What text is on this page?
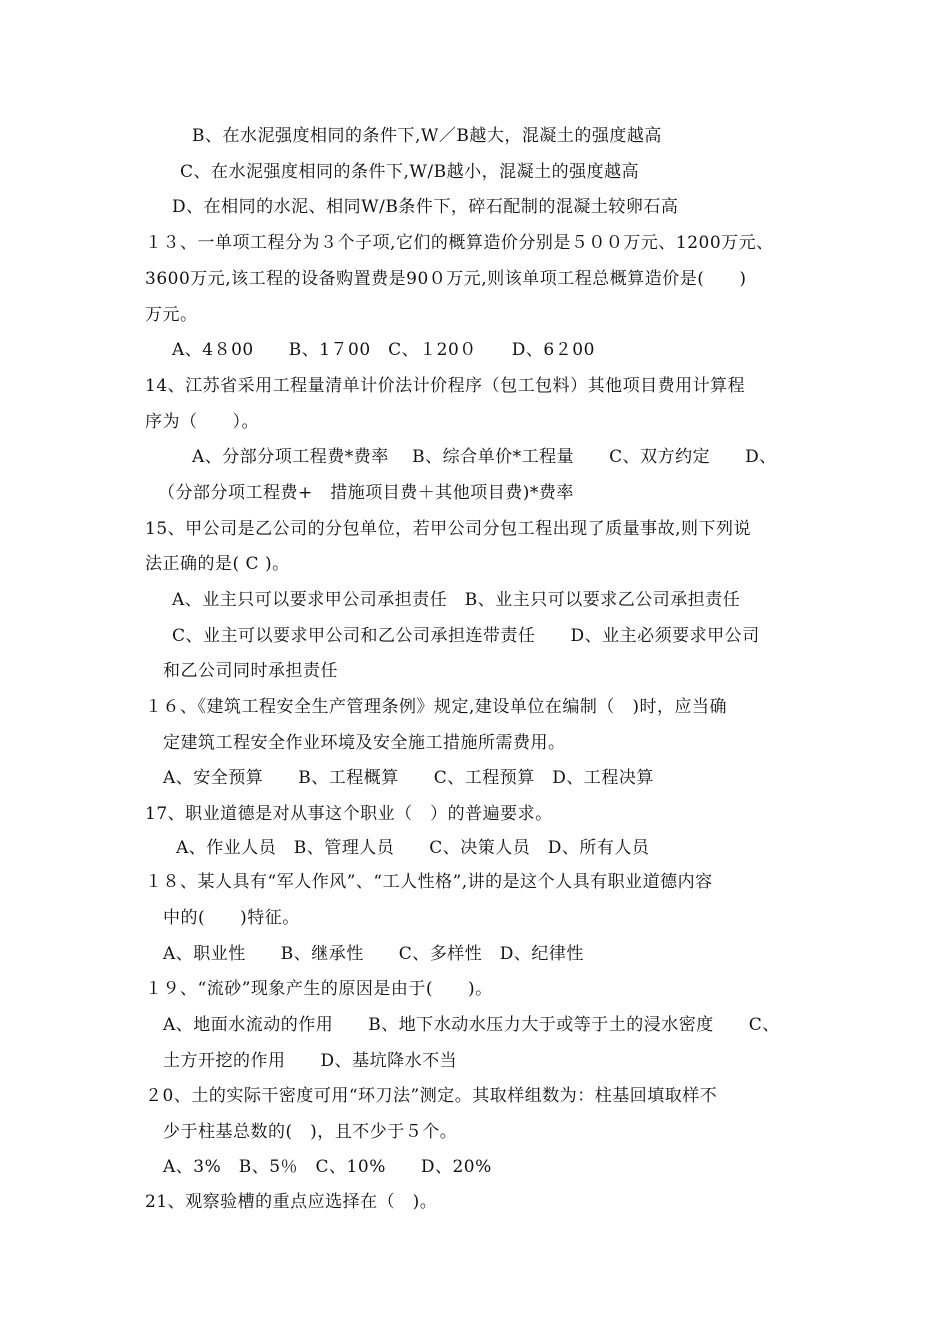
B、在水泥强度相同的条件下,W／B越大，混凝土的强度越高
C、在水泥强度相同的条件下,W/B越小，混凝土的强度越高
D、在相同的水泥、相同W/B条件下，碎石配制的混凝土较卵石高
１３、一单项工程分为３个子项,它们的概算造价分别是５００万元、1200万元、
3600万元,该工程的设备购置费是90０万元,则该单项工程总概算造价是(　　)
万元。
A、4８00　　B、1７00　C、１20０　　D、6２00
14、江苏省采用工程量清单计价法计价程序（包工包料）其他项目费用计算程
序为（　　）。
A、分部分项工程费*费率　 B、综合单价*工程量　　C、双方约定　　D、
（分部分项工程费+　措施项目费＋其他项目费)*费率
15、甲公司是乙公司的分包单位，若甲公司分包工程出现了质量事故,则下列说
法正确的是( C )。
A、业主只可以要求甲公司承担责任　B、业主只可以要求乙公司承担责任
C、业主可以要求甲公司和乙公司承担连带责任　　D、业主必须要求甲公司
和乙公司同时承担责任
１６、《建筑工程安全生产管理条例》规定,建设单位在编制（　)时，应当确
定建筑工程安全作业环境及安全施工措施所需费用。
A、安全预算　　B、工程概算　　C、工程预算　D、工程决算
17、职业道德是对从事这个职业（　）的普遍要求。
A、作业人员　B、管理人员　　C、决策人员　D、所有人员
１８、某人具有“军人作风”、“工人性格”,讲的是这个人具有职业道德内容
中的(　　)特征。
A、职业性　　B、继承性　　C、多样性　D、纪律性
１９、“流砂”现象产生的原因是由于(　　)。
A、地面水流动的作用　　B、地下水动水压力大于或等于土的浸水密度　　C、
土方开挖的作用　　D、基坑降水不当
２0、土的实际干密度可用“环刀法”测定。其取样组数为：柱基回填取样不
少于柱基总数的(　)，且不少于５个。
A、3%　B、5％　C、10%　　D、20%
21、观察验槽的重点应选择在（　)。
